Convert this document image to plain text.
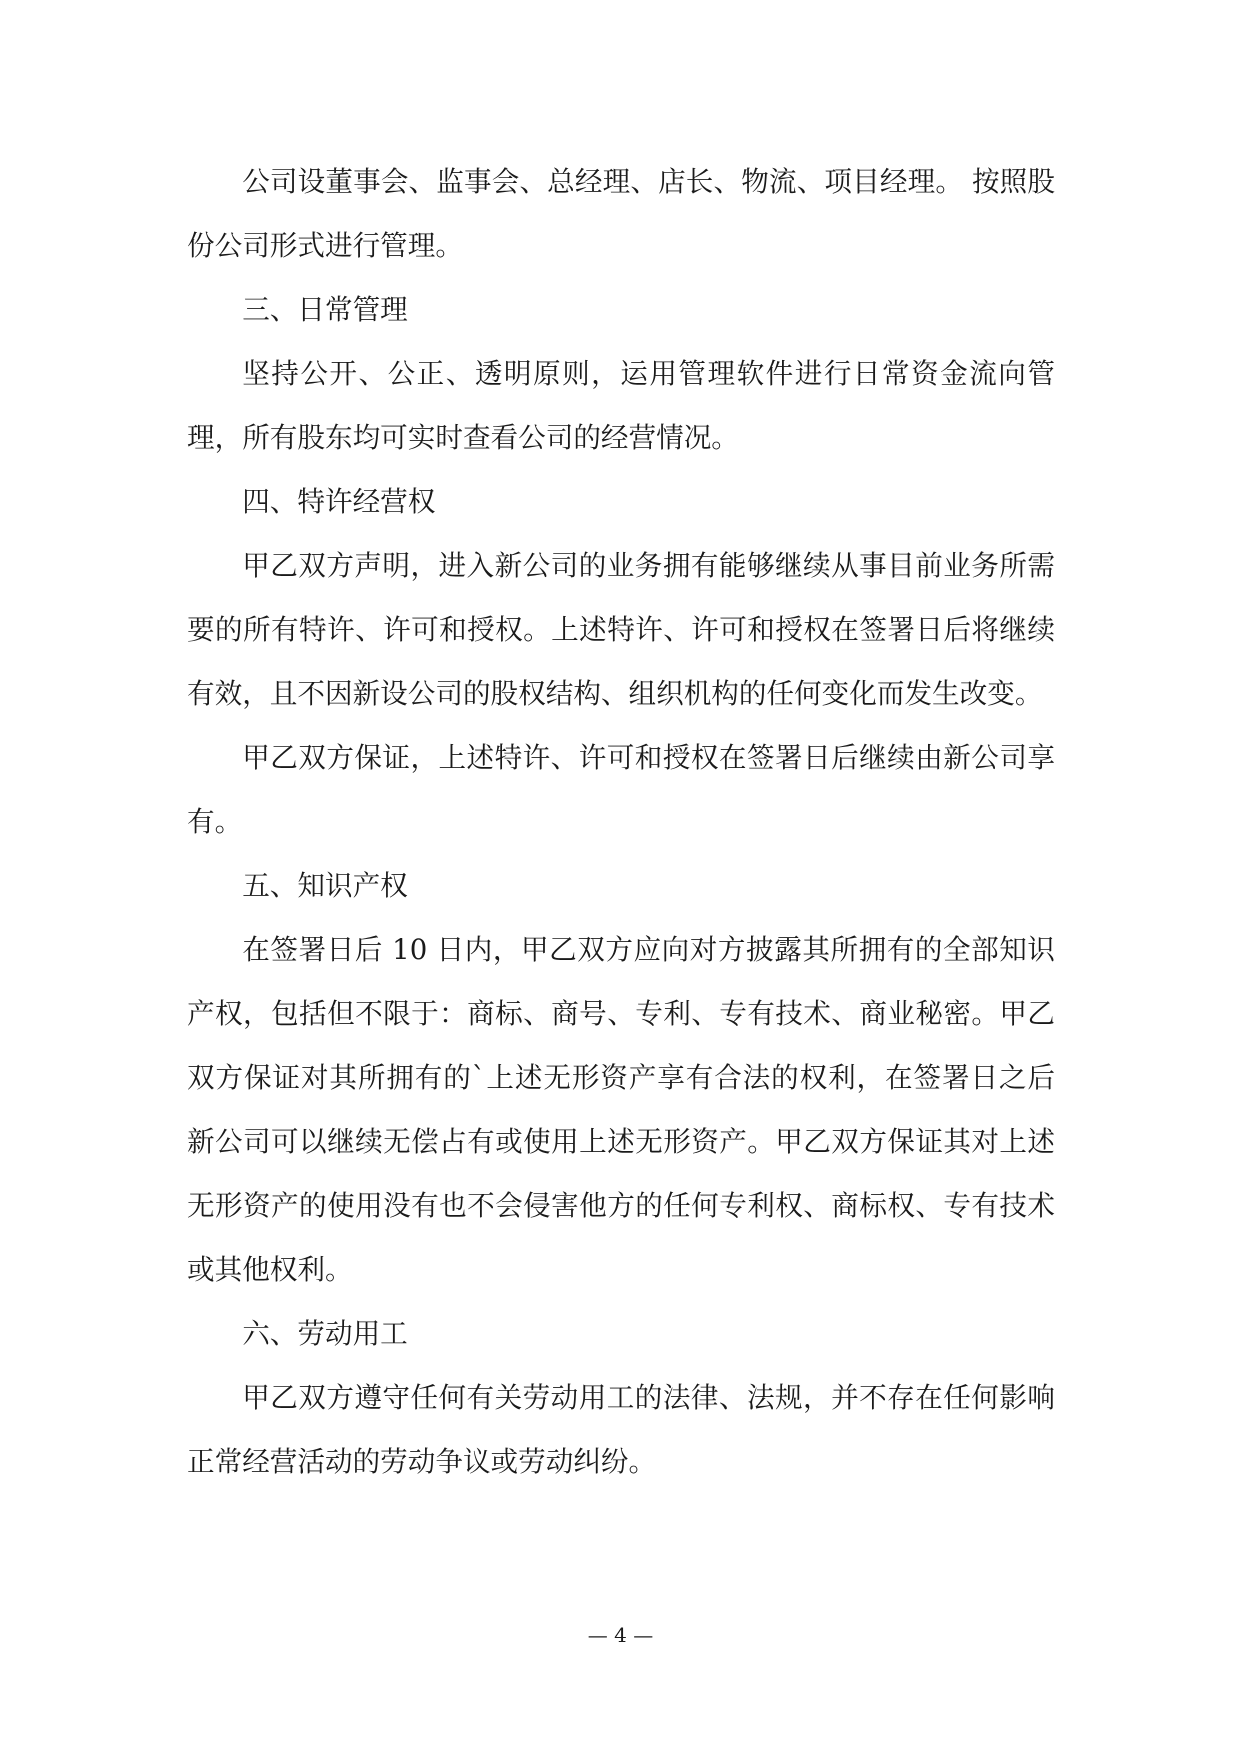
公司设董事会、监事会、总经理、店长、物流、项目经理。 按照股份公司形式进行管理。

三、日常管理

坚持公开、公正、透明原则，运用管理软件进行日常资金流向管理，所有股东均可实时查看公司的经营情况。

四、特许经营权

甲乙双方声明，进入新公司的业务拥有能够继续从事目前业务所需要的所有特许、许可和授权。上述特许、许可和授权在签署日后将继续有效，且不因新设公司的股权结构、组织机构的任何变化而发生改变。

甲乙双方保证，上述特许、许可和授权在签署日后继续由新公司享有。

五、知识产权

在签署日后 10 日内，甲乙双方应向对方披露其所拥有的全部知识产权，包括但不限于：商标、商号、专利、专有技术、商业秘密。甲乙双方保证对其所拥有的`上述无形资产享有合法的权利，在签署日之后新公司可以继续无偿占有或使用上述无形资产。甲乙双方保证其对上述无形资产的使用没有也不会侵害他方的任何专利权、商标权、专有技术或其他权利。

六、劳动用工

甲乙双方遵守任何有关劳动用工的法律、法规，并不存在任何影响正常经营活动的劳动争议或劳动纠纷。

— 4 —
